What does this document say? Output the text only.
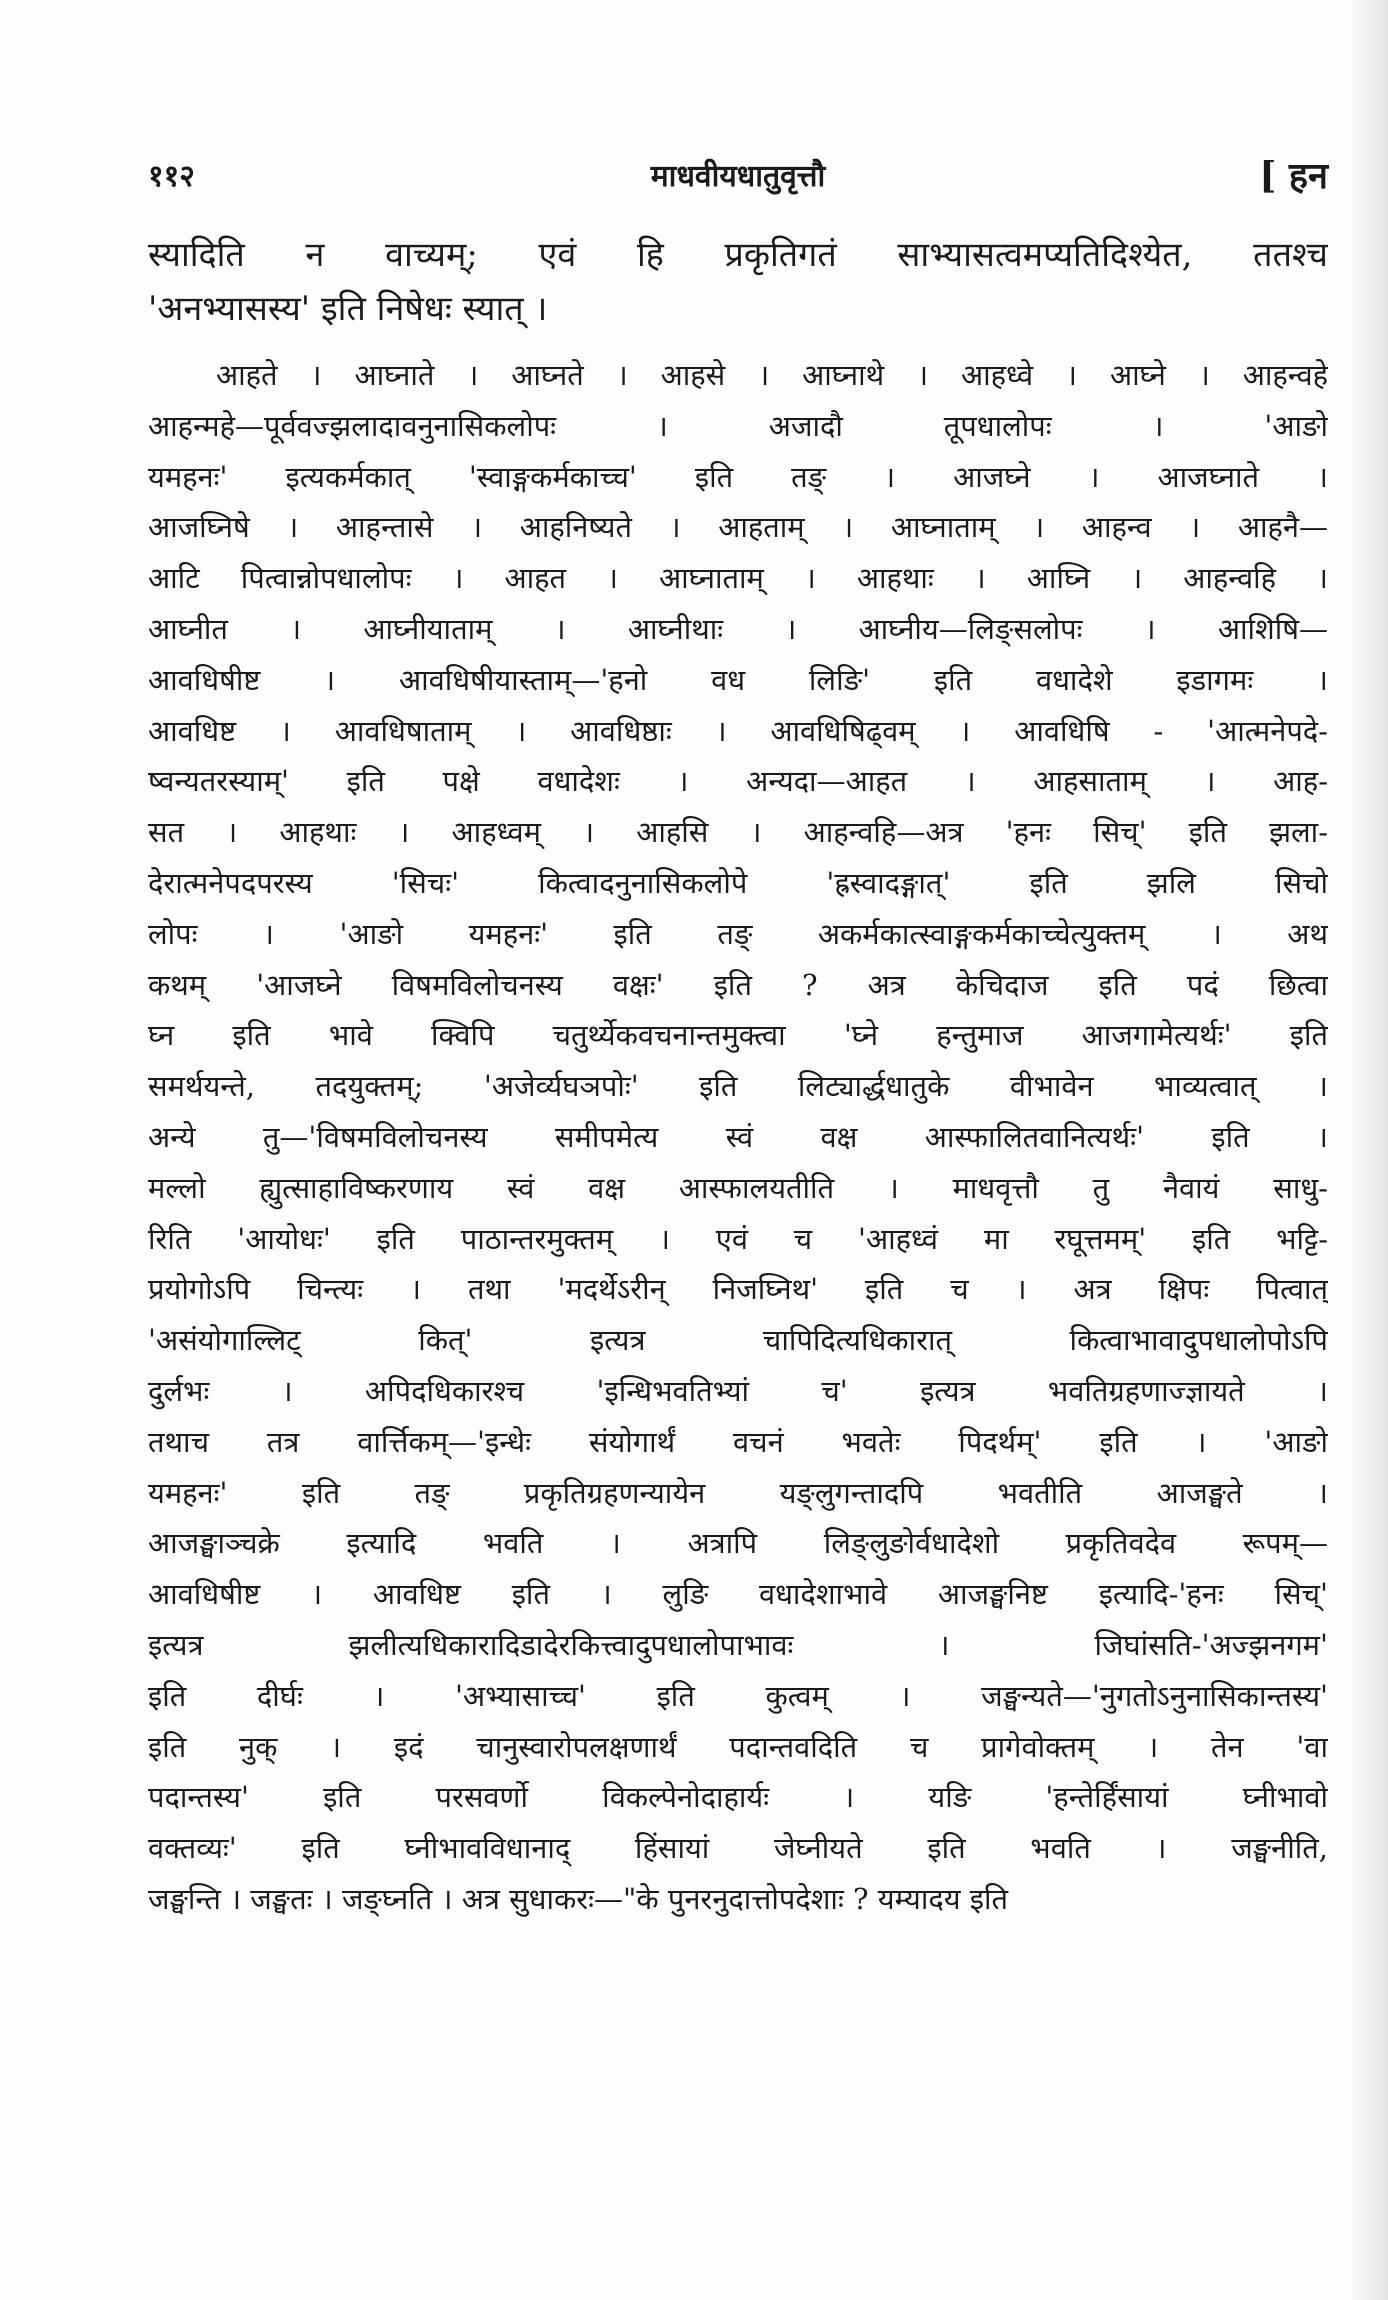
माधवीयधातुवृत्तौ
११२	[ हन
स्यादिति न वाच्यम्; एवं हि प्रकृतिगतं साभ्यासत्वमप्यतिदिश्येत, ततश्च
'अनभ्यासस्य' इति निषेधः स्यात् ।
आहते । आघ्नाते । आघ्नते । आहसे । आघ्नाथे । आहध्वे । आघ्ने । आहन्वहे
आहन्महे—पूर्ववज्झलादावनुनासिकलोपः । अजादौ तूपधालोपः । 'आङो
यमहनः' इत्यकर्मकात् 'स्वाङ्गकर्मकाच्च' इति तङ् । आजघ्ने । आजघ्नाते ।
आजघ्निषे । आहन्तासे । आहनिष्यते । आहताम् । आघ्नाताम् । आहन्व । आहनै—
आटि पित्वान्नोपधालोपः । आहत । आघ्नाताम् । आहथाः । आघ्नि । आहन्वहि ।
आघ्नीत । आघ्नीयाताम् । आघ्नीथाः । आघ्नीय—लिङ्सलोपः । आशिषि—
आवधिषीष्ट । आवधिषीयास्ताम्—'हनो वध लिङि' इति वधादेशे इडागमः ।
आवधिष्ट । आवधिषाताम् । आवधिष्ठाः । आवधिषिढ्वम् । आवधिषि - 'आत्मनेपदे-
ष्वन्यतरस्याम्' इति पक्षे वधादेशः । अन्यदा—आहत । आहसाताम् । आह-
सत । आहथाः । आहध्वम् । आहसि । आहन्वहि—अत्र 'हनः सिच्' इति झला-
देरात्मनेपदपरस्य 'सिचः' कित्वादनुनासिकलोपे 'ह्रस्वादङ्गात्' इति झलि सिचो
लोपः । 'आङो यमहनः' इति तङ् अकर्मकात्स्वाङ्गकर्मकाच्चेत्युक्तम् । अथ
कथम् 'आजघ्ने विषमविलोचनस्य वक्षः' इति ? अत्र केचिदाज इति पदं छित्वा
घ्न इति भावे क्विपि चतुर्थ्येकवचनान्तमुक्त्वा 'घ्ने हन्तुमाज आजगामेत्यर्थः' इति
समर्थयन्ते, तदयुक्तम्; 'अजेर्व्यघञपोः' इति लिट्यार्द्धधातुके वीभावेन भाव्यत्वात् ।
अन्ये तु—'विषमविलोचनस्य समीपमेत्य स्वं वक्ष आस्फालितवानित्यर्थः' इति ।
मल्लो ह्युत्साहाविष्करणाय स्वं वक्ष आस्फालयतीति । माधवृत्तौ तु नैवायं साधु-
रिति 'आयोधः' इति पाठान्तरमुक्तम् । एवं च 'आहध्वं मा रघूत्तमम्' इति भट्टि-
प्रयोगोऽपि चिन्त्यः । तथा 'मदर्थेऽरीन् निजघ्निथ' इति च । अत्र क्षिपः पित्वात्
'असंयोगाल्लिट् कित्' इत्यत्र चापिदित्यधिकारात् कित्वाभावादुपधालोपोऽपि
दुर्लभः । अपिदधिकारश्च 'इन्धिभवतिभ्यां च' इत्यत्र भवतिग्रहणाज्ज्ञायते ।
तथाच तत्र वार्त्तिकम्—'इन्धेः संयोगार्थं वचनं भवतेः पिदर्थम्' इति । 'आङो
यमहनः' इति तङ् प्रकृतिग्रहणन्यायेन यङ्लुगन्तादपि भवतीति आजङ्घते ।
आजङ्घाञ्चक्रे इत्यादि भवति । अत्रापि लिङ्लुङोर्वधादेशो प्रकृतिवदेव रूपम्—
आवधिषीष्ट । आवधिष्ट इति । लुङि वधादेशाभावे आजङ्घनिष्ट इत्यादि-'हनः सिच्'
इत्यत्र झलीत्यधिकारादिडादेरकित्त्वादुपधालोपाभावः । जिघांसति-'अज्झनगम'
इति दीर्घः । 'अभ्यासाच्च' इति कुत्वम् । जङ्घन्यते—'नुगतोऽनुनासिकान्तस्य'
इति नुक् । इदं चानुस्वारोपलक्षणार्थं पदान्तवदिति च प्रागेवोक्तम् । तेन 'वा
पदान्तस्य' इति परसवर्णो विकल्पेनोदाहार्यः । यङि 'हन्तेर्हिंसायां घ्नीभावो
वक्तव्यः' इति घ्नीभावविधानाद् हिंसायां जेघ्नीयते इति भवति । जङ्घनीति,
जङ्घन्ति । जङ्घतः । जङ्घ्नति । अत्र सुधाकरः—"के पुनरनुदात्तोपदेशाः ? यम्यादय इति
